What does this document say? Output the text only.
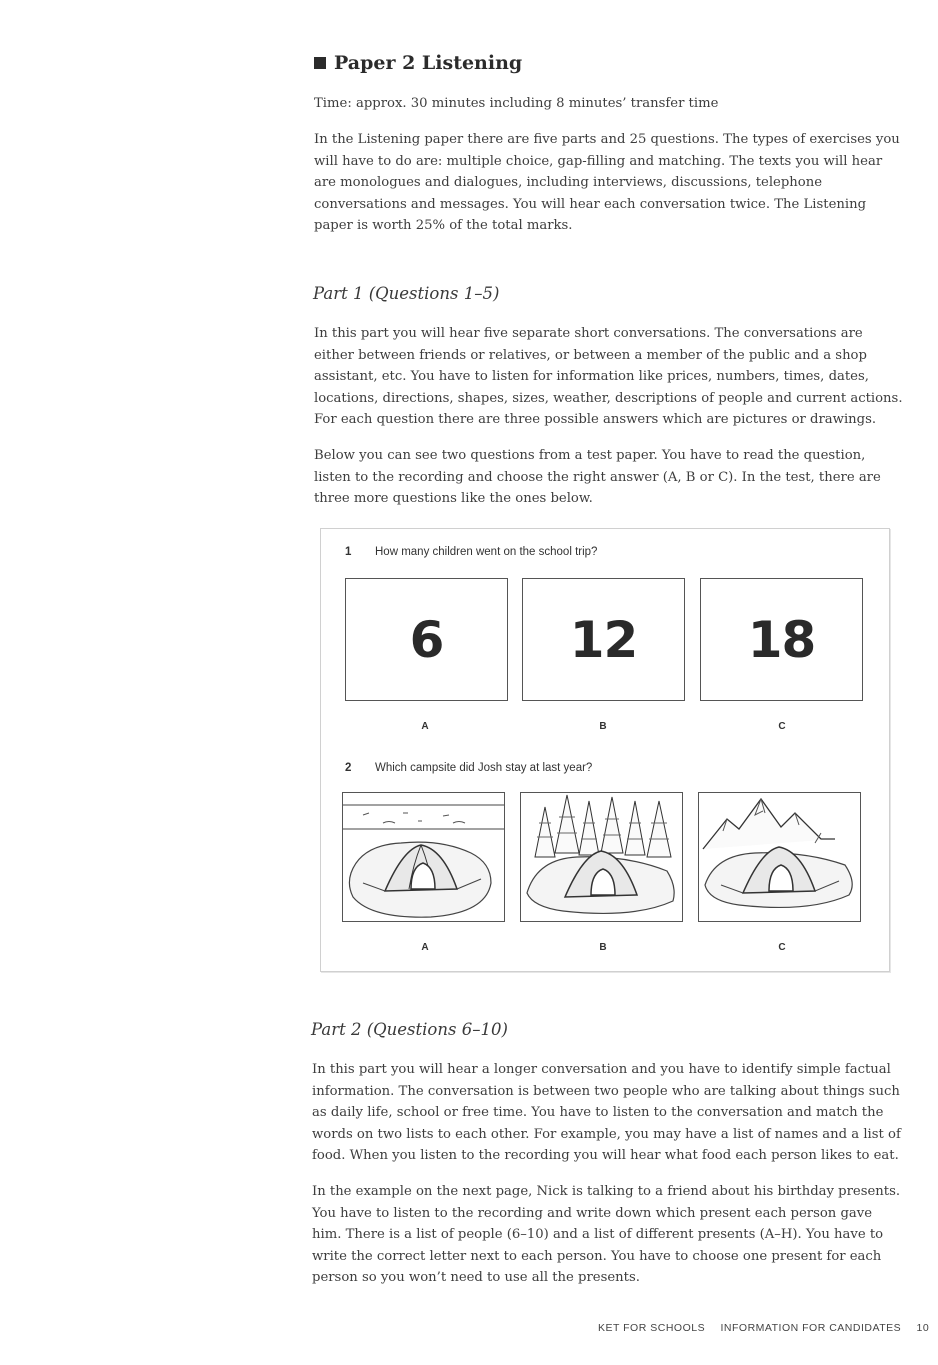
Paper 2 Listening

Time: approx. 30 minutes including 8 minutes’ transfer time

In the Listening paper there are five parts and 25 questions. The types of exercises you will have to do are: multiple choice, gap-filling and matching. The texts you will hear are monologues and dialogues, including interviews, discussions, telephone conversations and messages. You will hear each conversation twice. The Listening paper is worth 25% of the total marks.

Part 1 (Questions 1–5)

In this part you will hear five separate short conversations. The conversations are either between friends or relatives, or between a member of the public and a shop assistant, etc. You have to listen for information like prices, numbers, times, dates, locations, directions, shapes, sizes, weather, descriptions of people and current actions. For each question there are three possible answers which are pictures or drawings.

Below you can see two questions from a test paper. You have to read the question, listen to the recording and choose the right answer (A, B or C). In the test, there are three more questions like the ones below.

1 How many children went on the school trip?
6	12	18
A	B	C
2 Which campsite did Josh stay at last year?
A	B	C
Part 2 (Questions 6–10)

In this part you will hear a longer conversation and you have to identify simple factual information. The conversation is between two people who are talking about things such as daily life, school or free time. You have to listen to the conversation and match the words on two lists to each other. For example, you may have a list of names and a list of food. When you listen to the recording you will hear what food each person likes to eat.

In the example on the next page, Nick is talking to a friend about his birthday presents. You have to listen to the recording and write down which present each person gave him. There is a list of people (6–10) and a list of different presents (A–H). You have to write the correct letter next to each person. You have to choose one present for each person so you won’t need to use all the presents.

KET FOR SCHOOLS INFORMATION FOR CANDIDATES 10
